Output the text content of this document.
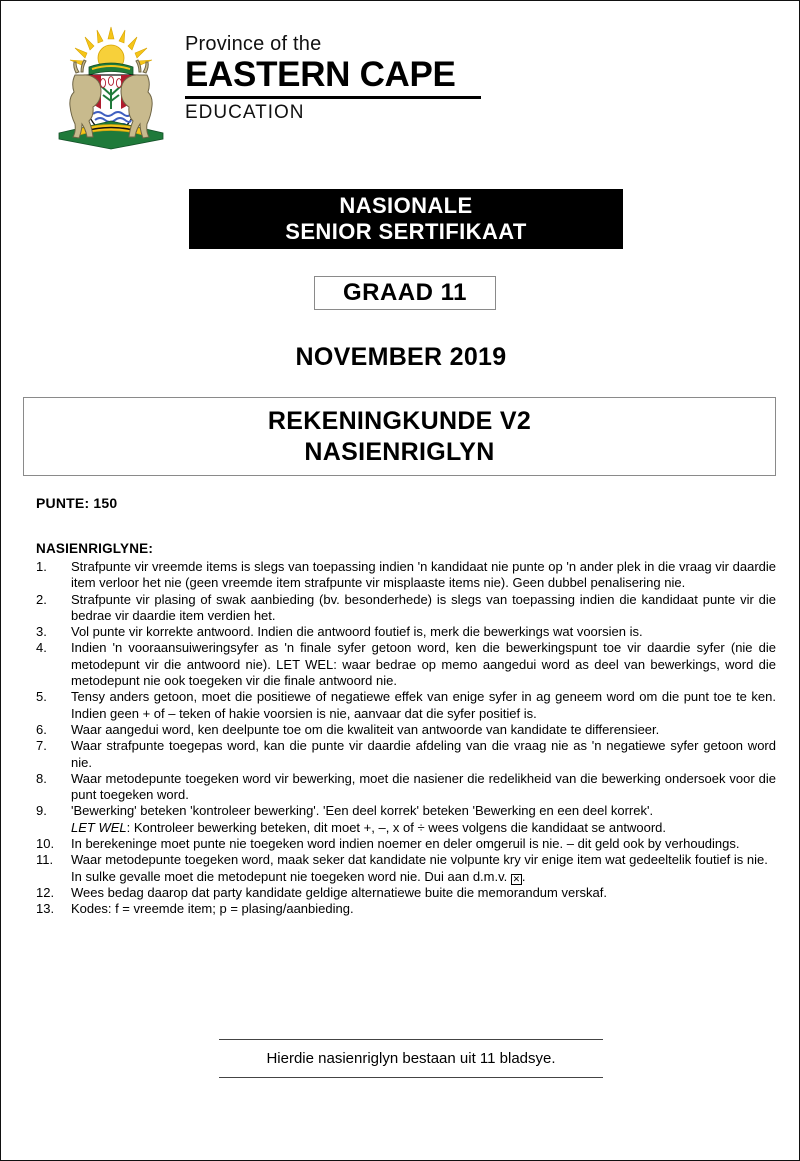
Province of the
EASTERN CAPE
EDUCATION
NASIONALE
SENIOR SERTIFIKAAT
GRAAD 11
NOVEMBER 2019
REKENINGKUNDE V2
NASIENRIGLYN
PUNTE: 150
NASIENRIGLYNE:
1.	Strafpunte vir vreemde items is slegs van toepassing indien 'n kandidaat nie punte op 'n ander plek in die vraag vir daardie item verloor het nie (geen vreemde item strafpunte vir misplaaste items nie). Geen dubbel penalisering nie.
2.	Strafpunte vir plasing of swak aanbieding (bv. besonderhede) is slegs van toepassing indien die kandidaat punte vir die bedrae vir daardie item verdien het.
3.	Vol punte vir korrekte antwoord. Indien die antwoord foutief is, merk die bewerkings wat voorsien is.
4.	Indien 'n vooraansuiweringsyfer as 'n finale syfer getoon word, ken die bewerkingspunt toe vir daardie syfer (nie die metodepunt vir die antwoord nie). LET WEL: waar bedrae op memo aangedui word as deel van bewerkings, word die metodepunt nie ook toegeken vir die finale antwoord nie.
5.	Tensy anders getoon, moet die positiewe of negatiewe effek van enige syfer in ag geneem word om die punt toe te ken. Indien geen + of – teken of hakie voorsien is nie, aanvaar dat die syfer positief is.
6.	Waar aangedui word, ken deelpunte toe om die kwaliteit van antwoorde van kandidate te differensieer.
7.	Waar strafpunte toegepas word, kan die punte vir daardie afdeling van die vraag nie as 'n negatiewe syfer getoon word nie.
8.	Waar metodepunte toegeken word vir bewerking, moet die nasiener die redelikheid van die bewerking ondersoek voor die punt toegeken word.
9.	'Bewerking' beteken 'kontroleer bewerking'. 'Een deel korrek' beteken 'Bewerking en een deel korrek'.
LET WEL: Kontroleer bewerking beteken, dit moet +, –, x of ÷ wees volgens die kandidaat se antwoord.
10.	In berekeninge moet punte nie toegeken word indien noemer en deler omgeruil is nie. – dit geld ook by verhoudings.
11.	Waar metodepunte toegeken word, maak seker dat kandidate nie volpunte kry vir enige item wat gedeeltelik foutief is nie. In sulke gevalle moet die metodepunt nie toegeken word nie. Dui aan d.m.v. ✕ .
12.	Wees bedag daarop dat party kandidate geldige alternatiewe buite die memorandum verskaf.
13.	Kodes: f = vreemde item; p = plasing/aanbieding.
Hierdie nasienriglyn bestaan uit 11 bladsye.
